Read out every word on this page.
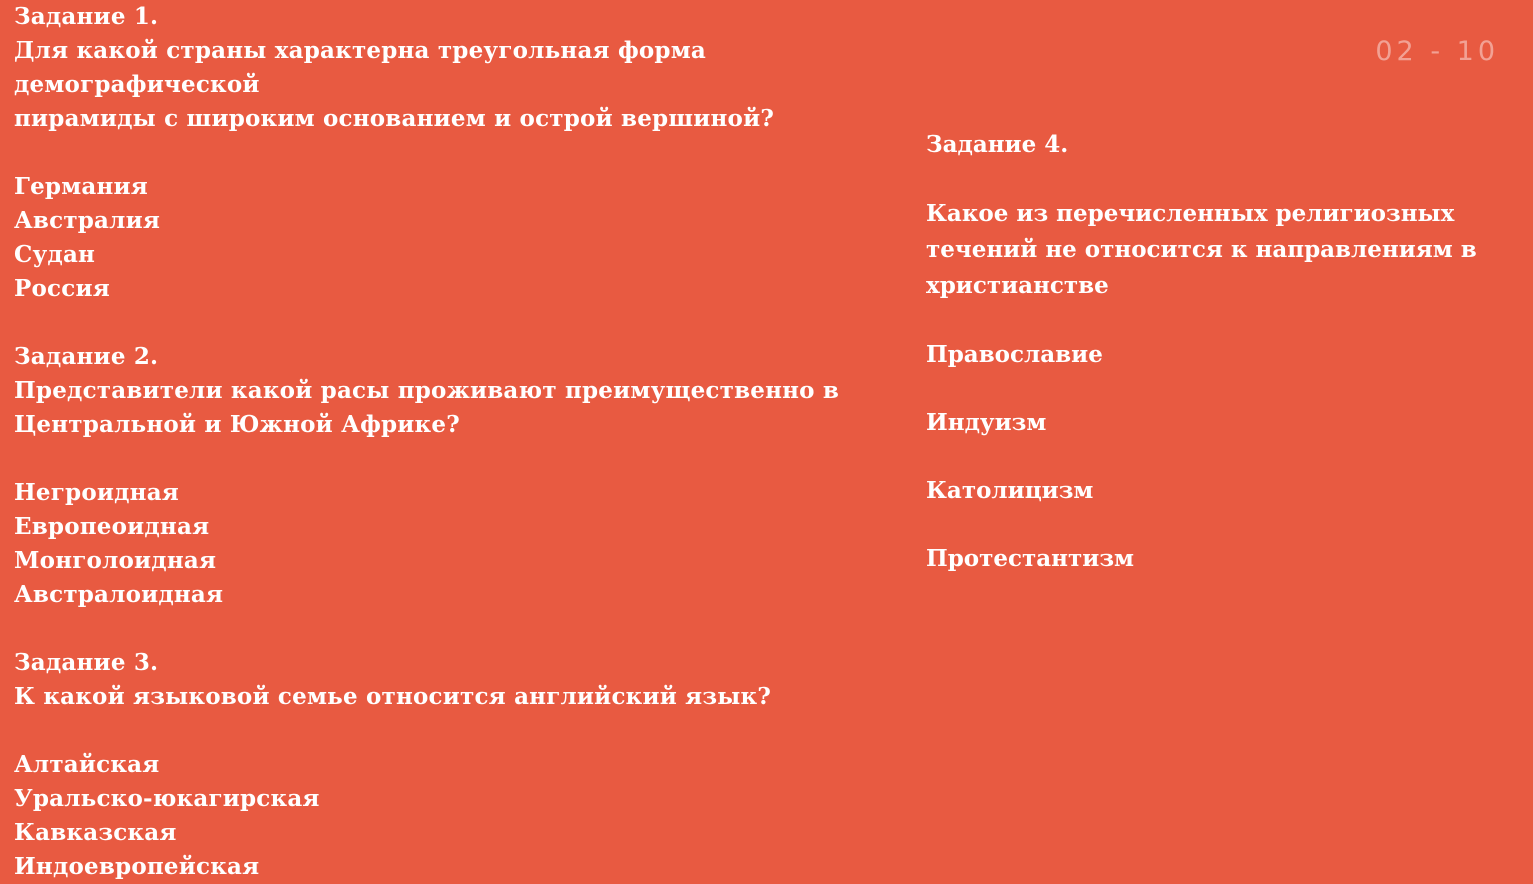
02 - 10
Задание 1.
Для какой страны характерна треугольная форма демографической
пирамиды с широким основанием и острой вершиной?
Германия
Австралия
Судан
Россия
Задание 2.
Представители какой расы проживают преимущественно в
Центральной и Южной Африке?
Негроидная
Европеоидная
Монголоидная
Австралоидная
Задание 3.
К какой языковой семье относится английский язык?
Алтайская
Уральско-юкагирская
Кавказская
Индоевропейская
Задание 4.
Какое из перечисленных религиозных
течений не относится к направлениям в
христианстве
Православие
Индуизм
Католицизм
Протестантизм
